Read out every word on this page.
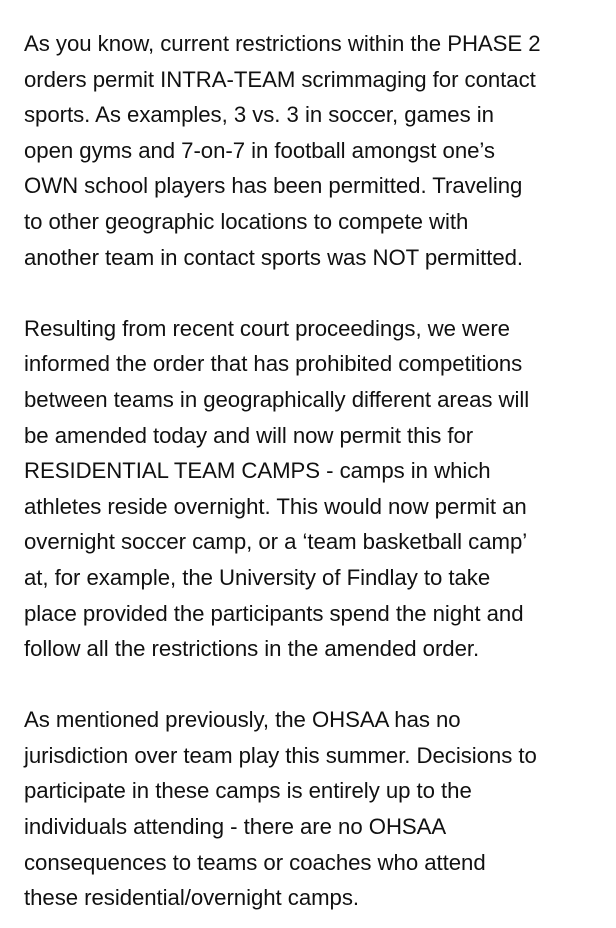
As you know, current restrictions within the PHASE 2
orders permit INTRA-TEAM scrimmaging for contact
sports. As examples, 3 vs. 3 in soccer, games in
open gyms and 7-on-7 in football amongst one’s
OWN school players has been permitted. Traveling
to other geographic locations to compete with
another team in contact sports was NOT permitted.
Resulting from recent court proceedings, we were
informed the order that has prohibited competitions
between teams in geographically different areas will
be amended today and will now permit this for
RESIDENTIAL TEAM CAMPS - camps in which
athletes reside overnight. This would now permit an
overnight soccer camp, or a ‘team basketball camp’
at, for example, the University of Findlay to take
place provided the participants spend the night and
follow all the restrictions in the amended order.
As mentioned previously, the OHSAA has no
jurisdiction over team play this summer. Decisions to
participate in these camps is entirely up to the
individuals attending - there are no OHSAA
consequences to teams or coaches who attend
these residential/overnight camps.
